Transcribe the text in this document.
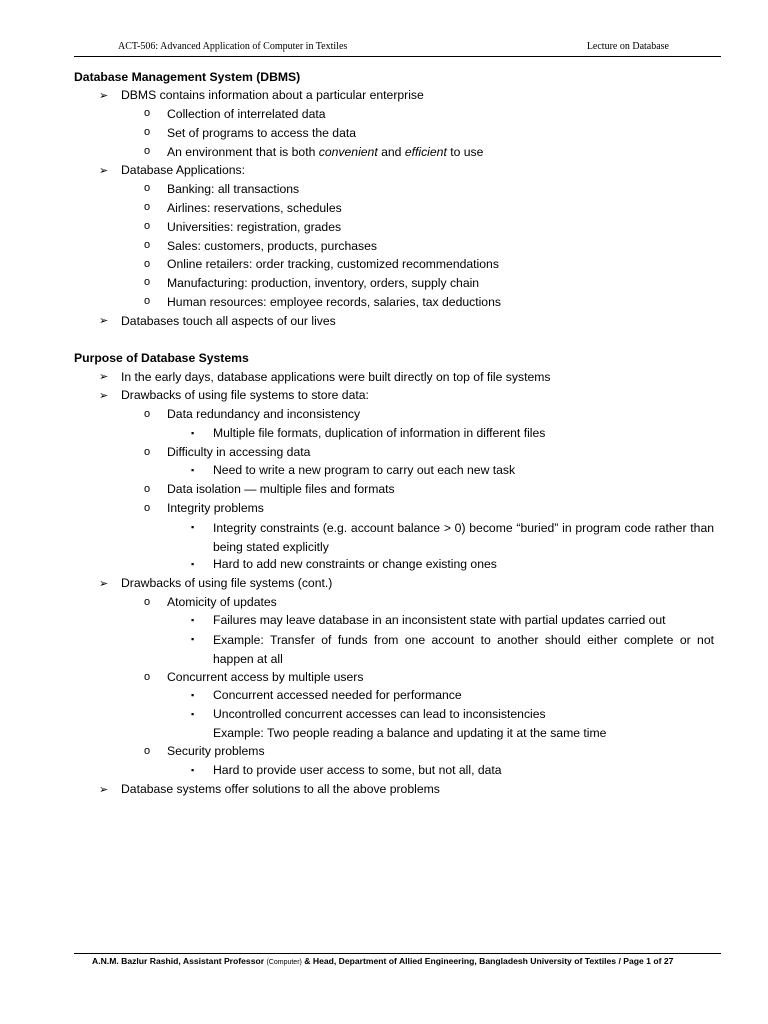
ACT-506: Advanced Application of Computer in Textiles	Lecture on Database
Database Management System (DBMS)
➢ DBMS contains information about a particular enterprise
o Collection of interrelated data
o Set of programs to access the data
o An environment that is both convenient and efficient to use
➢ Database Applications:
o Banking: all transactions
o Airlines: reservations, schedules
o Universities: registration, grades
o Sales: customers, products, purchases
o Online retailers: order tracking, customized recommendations
o Manufacturing: production, inventory, orders, supply chain
o Human resources: employee records, salaries, tax deductions
➢ Databases touch all aspects of our lives
Purpose of Database Systems
➢ In the early days, database applications were built directly on top of file systems
➢ Drawbacks of using file systems to store data:
o Data redundancy and inconsistency
▪ Multiple file formats, duplication of information in different files
o Difficulty in accessing data
▪ Need to write a new program to carry out each new task
o Data isolation — multiple files and formats
o Integrity problems
▪ Integrity constraints (e.g. account balance > 0) become “buried” in program code rather than being stated explicitly
▪ Hard to add new constraints or change existing ones
➢ Drawbacks of using file systems (cont.)
o Atomicity of updates
▪ Failures may leave database in an inconsistent state with partial updates carried out
▪ Example: Transfer of funds from one account to another should either complete or not happen at all
o Concurrent access by multiple users
▪ Concurrent accessed needed for performance
▪ Uncontrolled concurrent accesses can lead to inconsistencies
Example: Two people reading a balance and updating it at the same time
o Security problems
▪ Hard to provide user access to some, but not all, data
➢ Database systems offer solutions to all the above problems
A.N.M. Bazlur Rashid, Assistant Professor (Computer) & Head, Department of Allied Engineering, Bangladesh University of Textiles / Page 1 of 27
